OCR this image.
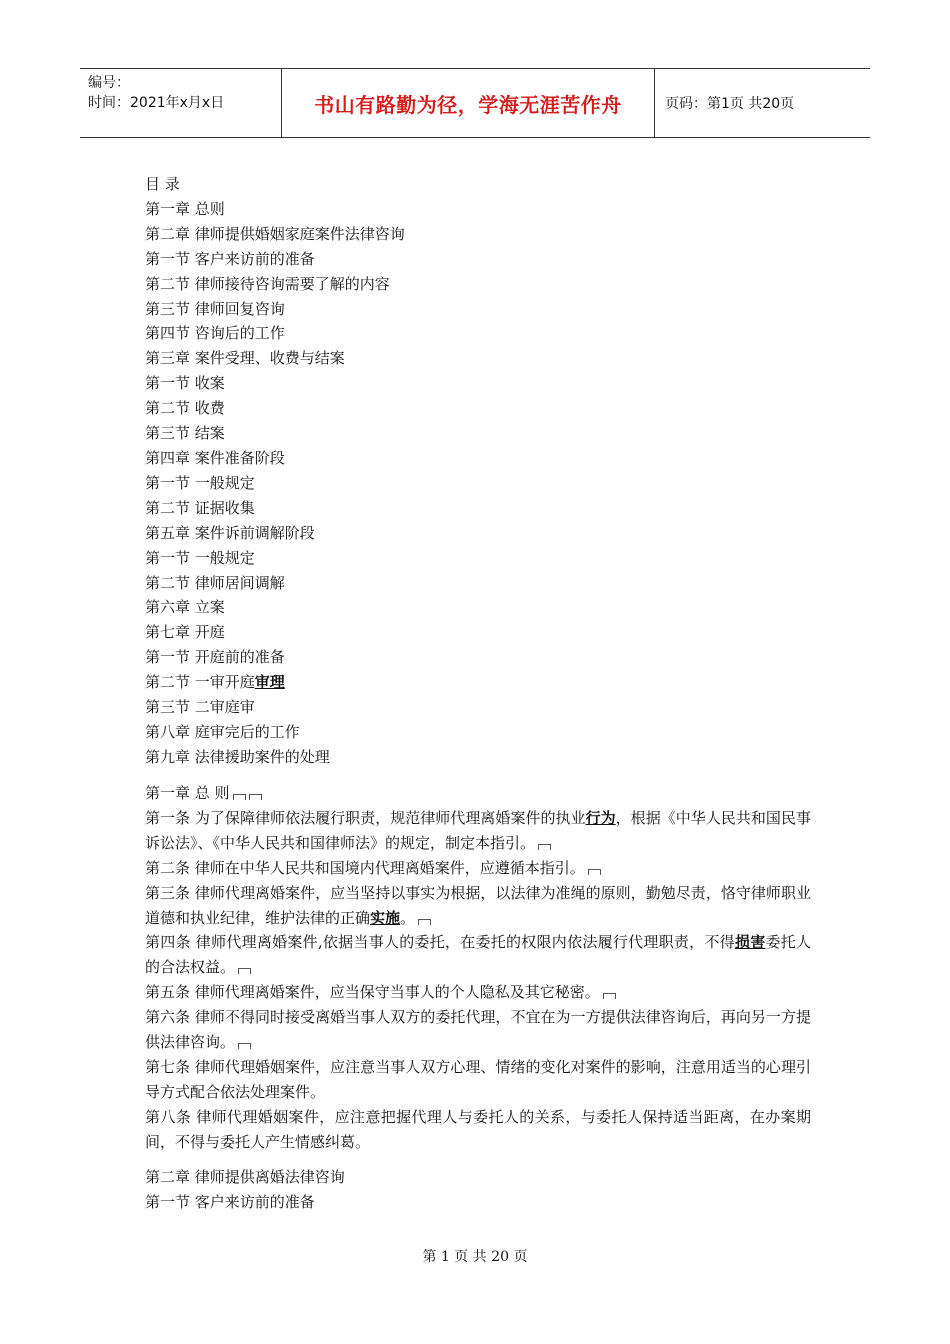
编号：
时间：2021年x月x日	书山有路勤为径，学海无涯苦作舟	页码：第1页 共20页
目 录
第一章 总则
第二章 律师提供婚姻家庭案件法律咨询
第一节 客户来访前的准备
第二节 律师接待咨询需要了解的内容
第三节 律师回复咨询
第四节 咨询后的工作
第三章 案件受理、收费与结案
第一节 收案
第二节 收费
第三节 结案
第四章 案件准备阶段
第一节 一般规定
第二节 证据收集
第五章 案件诉前调解阶段
第一节 一般规定
第二节 律师居间调解
第六章 立案
第七章 开庭
第一节 开庭前的准备
第二节 一审开庭审理
第三节 二审庭审
第八章 庭审完后的工作
第九章 法律援助案件的处理

第一章 总 则

第一条 为了保障律师依法履行职责，规范律师代理离婚案件的执业行为，根据《中华人民共和国民事诉讼法》、《中华人民共和国律师法》的规定，制定本指引。

第二条 律师在中华人民共和国境内代理离婚案件，应遵循本指引。

第三条 律师代理离婚案件，应当坚持以事实为根据，以法律为准绳的原则，勤勉尽责，恪守律师职业道德和执业纪律，维护法律的正确实施。

第四条 律师代理离婚案件,依据当事人的委托，在委托的权限内依法履行代理职责，不得损害委托人的合法权益。

第五条 律师代理离婚案件，应当保守当事人的个人隐私及其它秘密。

第六条 律师不得同时接受离婚当事人双方的委托代理，不宜在为一方提供法律咨询后，再向另一方提供法律咨询。

第七条 律师代理婚姻案件，应注意当事人双方心理、情绪的变化对案件的影响，注意用适当的心理引导方式配合依法处理案件。

第八条 律师代理婚姻案件，应注意把握代理人与委托人的关系，与委托人保持适当距离，在办案期间，不得与委托人产生情感纠葛。

第二章 律师提供离婚法律咨询

第一节 客户来访前的准备

第 1 页 共 20 页
